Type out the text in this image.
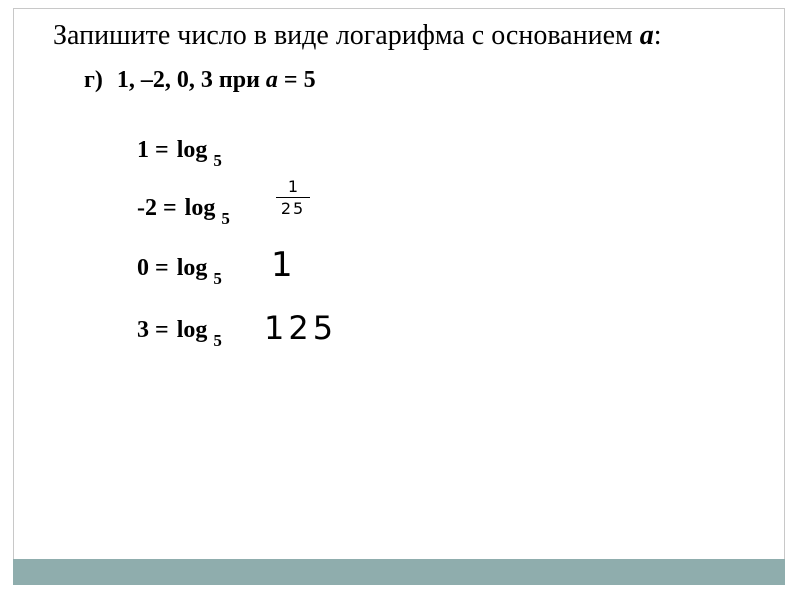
Запишите число в виде логарифма с основанием a:
г) 1, –2, 0, 3 при a = 5
1 = log $_5$
-2 = log $_5$
1
25
0 = log $_5$ 1
3 = log $_5$ 125
